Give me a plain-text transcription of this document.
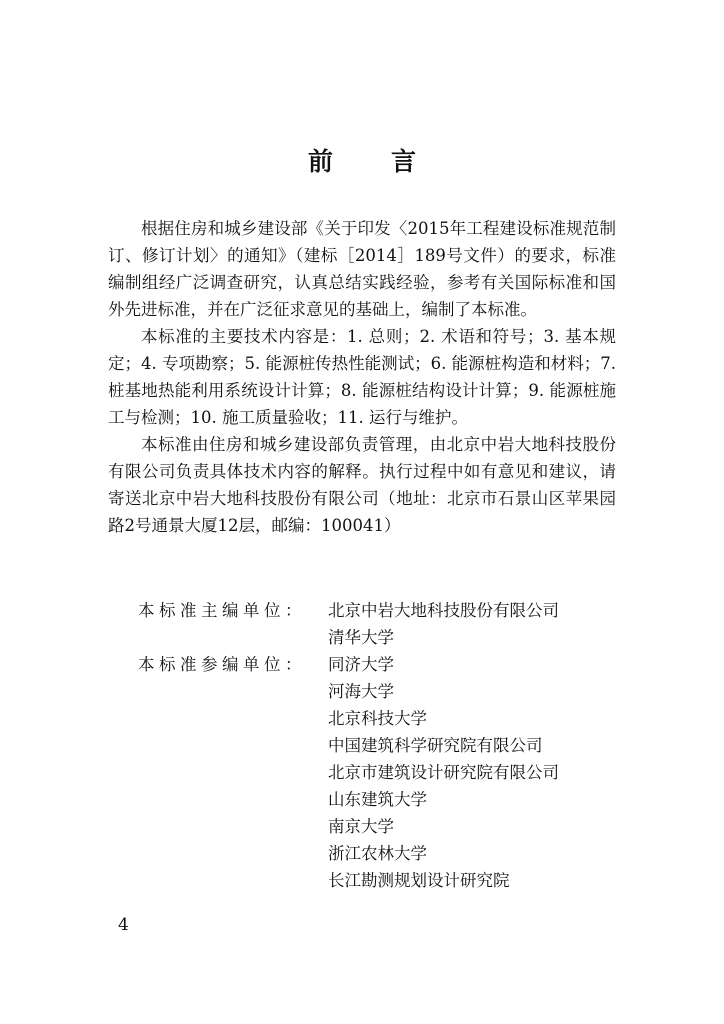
前言

根据住房和城乡建设部《关于印发〈2015年工程建设标准规范制订、修订计划〉的通知》（建标［2014］189号文件）的要求，标准编制组经广泛调查研究，认真总结实践经验，参考有关国际标准和国外先进标准，并在广泛征求意见的基础上，编制了本标准。

本标准的主要技术内容是：1. 总则；2. 术语和符号；3. 基本规定；4. 专项勘察；5. 能源桩传热性能测试；6. 能源桩构造和材料；7. 桩基地热能利用系统设计计算；8. 能源桩结构设计计算；9. 能源桩施工与检测；10. 施工质量验收；11. 运行与维护。

本标准由住房和城乡建设部负责管理，由北京中岩大地科技股份有限公司负责具体技术内容的解释。执行过程中如有意见和建议，请寄送北京中岩大地科技股份有限公司（地址：北京市石景山区苹果园路2号通景大厦12层，邮编：100041）

本标准主编单位：	北京中岩大地科技股份有限公司
清华大学
本标准参编单位：	同济大学
河海大学
北京科技大学
中国建筑科学研究院有限公司
北京市建筑设计研究院有限公司
山东建筑大学
南京大学
浙江农林大学
长江勘测规划设计研究院
4
